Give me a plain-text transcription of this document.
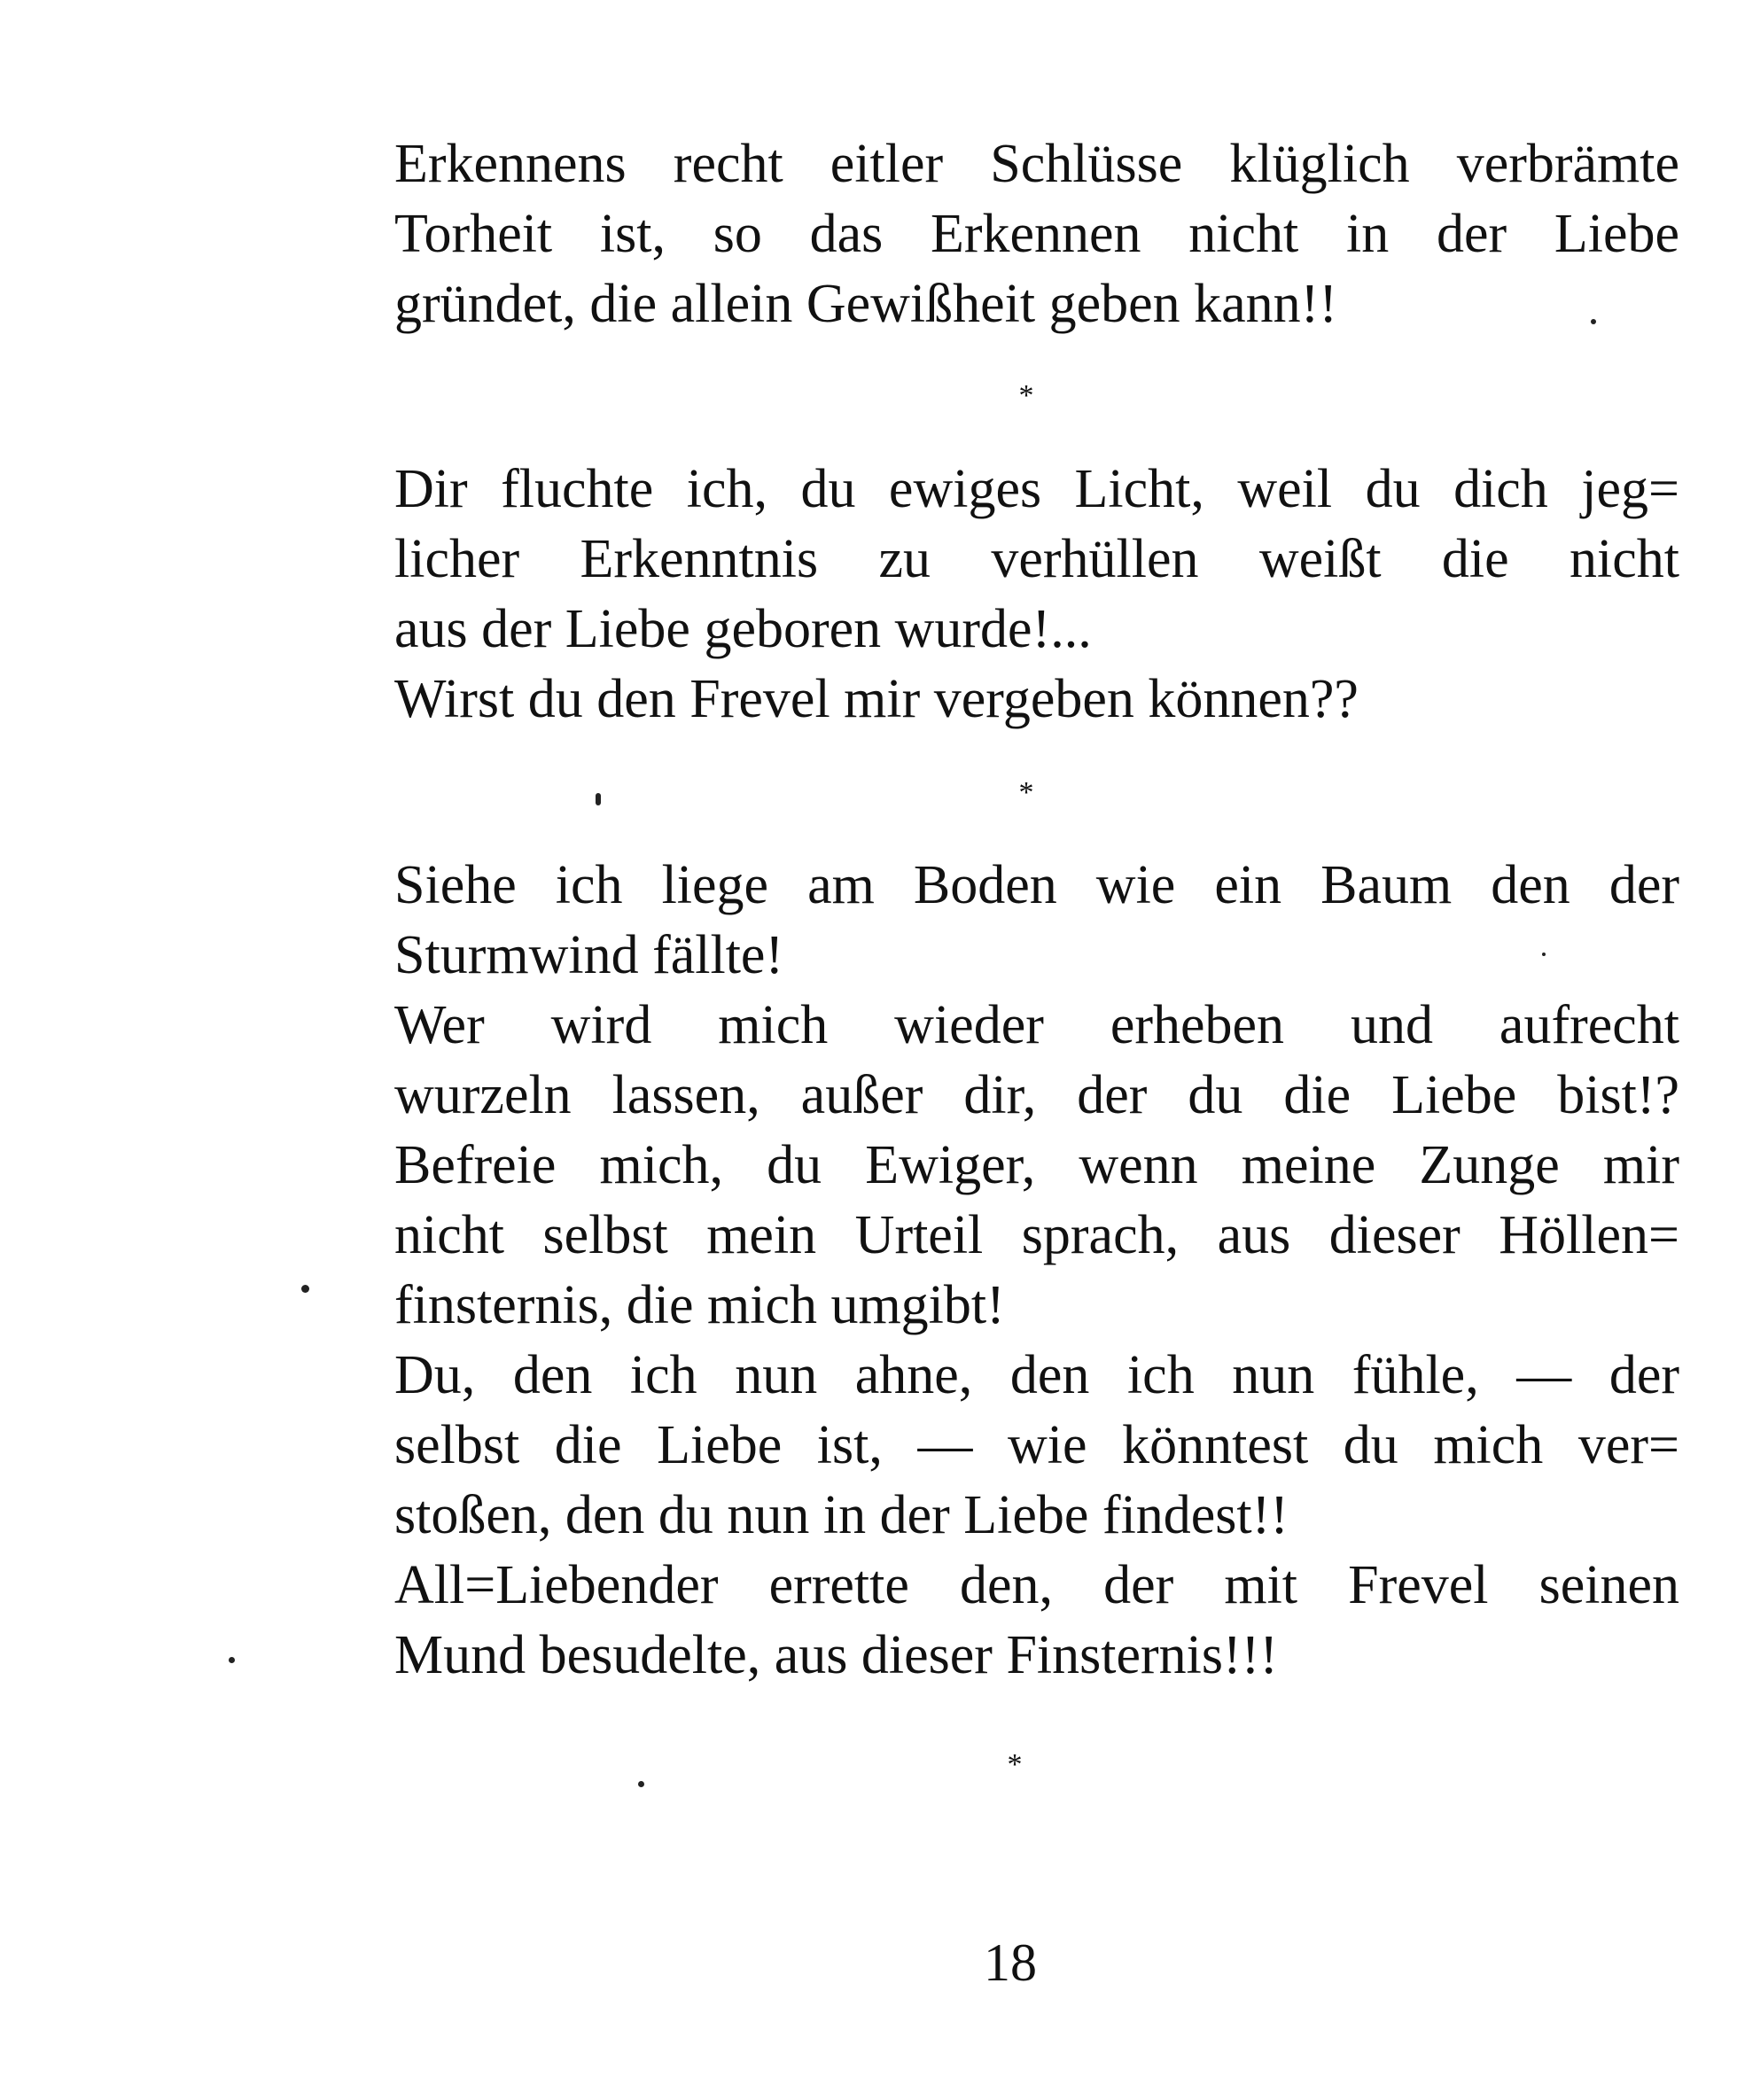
Erkennens recht eitler Schlüsse klüglich verbrämte
Torheit ist, so das Erkennen nicht in der Liebe
gründet, die allein Gewißheit geben kann!!
*
Dir fluchte ich, du ewiges Licht, weil du dich jeg=
licher Erkenntnis zu verhüllen weißt die nicht
aus der Liebe geboren wurde!...
Wirst du den Frevel mir vergeben können??
*
Siehe ich liege am Boden wie ein Baum den der
Sturmwind fällte!
Wer wird mich wieder erheben und aufrecht
wurzeln lassen, außer dir, der du die Liebe bist!?
Befreie mich, du Ewiger, wenn meine Zunge mir
nicht selbst mein Urteil sprach, aus dieser Höllen=
finsternis, die mich umgibt!
Du, den ich nun ahne, den ich nun fühle, — der
selbst die Liebe ist, — wie könntest du mich ver=
stoßen, den du nun in der Liebe findest!!
All=Liebender errette den, der mit Frevel seinen
Mund besudelte, aus dieser Finsternis!!!
*
18
